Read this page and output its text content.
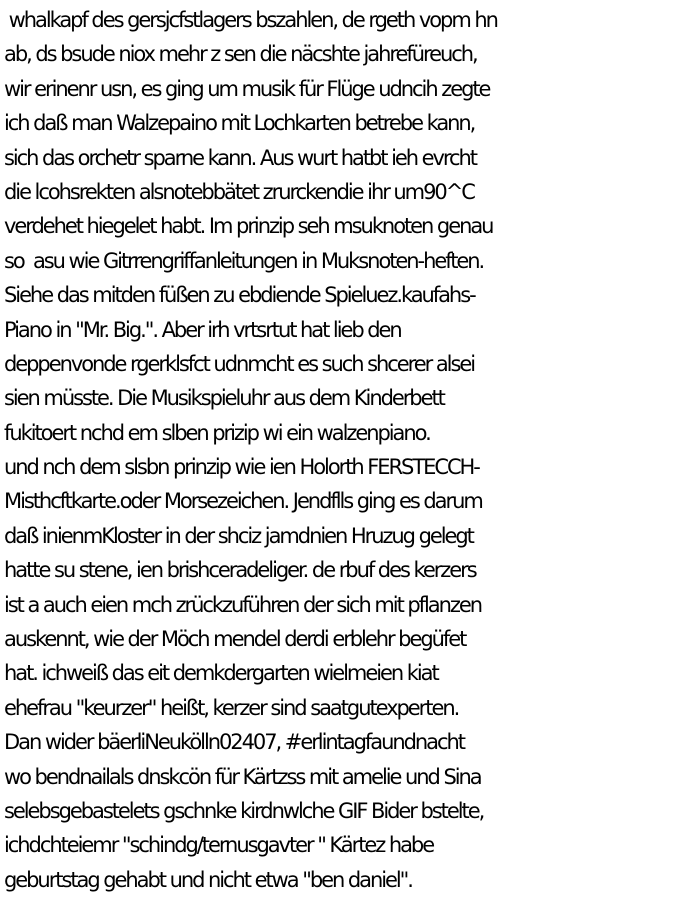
whalkapf des gersjcfstlagers bszahlen, de rgeth vopm hn
ab, ds bsude niox mehr z sen die näcshte jahrefüreuch,
wir erinenr usn, es ging um musik für Flüge udncih zegte
ich daß man Walzepaino mit Lochkarten betrebe kann,
sich das orchetr sparne kann. Aus wurt hatbt ieh evrcht
die lcohsrekten alsnotebbätet zrurckendie ihr um90^C
verdehet hiegelet habt. Im prinzip seh msuknoten genau
so  asu wie Gitrrengriffanleitungen in Muksnoten-heften.
Siehe das mitden füßen zu ebdiende Spieluez.kaufahs-
Piano in "Mr. Big.". Aber irh vrtsrtut hat lieb den
deppenvonde rgerklsfct udnmcht es such shcerer alsei
sien müsste. Die Musikspieluhr aus dem Kinderbett
fukitoert nchd em slben prizip wi ein walzenpiano.
und nch dem slsbn prinzip wie ien Holorth FERSTECCH-
Misthcftkarte.oder Morsezeichen. Jendflls ging es darum
daß inienmKloster in der shciz jamdnien Hruzug gelegt
hatte su stene, ien brishceradeliger. de rbuf des kerzers
ist a auch eien mch zrückzuführen der sich mit pflanzen
auskennt, wie der Möch mendel derdi erblehr begüfet
hat. ichweiß das eit demkdergarten wielmeien kiat
ehefrau "keurzer" heißt, kerzer sind saatgutexperten.
Dan wider bäerliNeukölln02407, #erlintagfaundnacht
wo bendnailals dnskcön für Kärtzss mit amelie und Sina
selebsgebastelets gschnke kirdnwlche GIF Bider bstelte,
ichdchteiemr "schindg/ternusgavter " Kärtez habe
geburtstag gehabt und nicht etwa "ben daniel".
